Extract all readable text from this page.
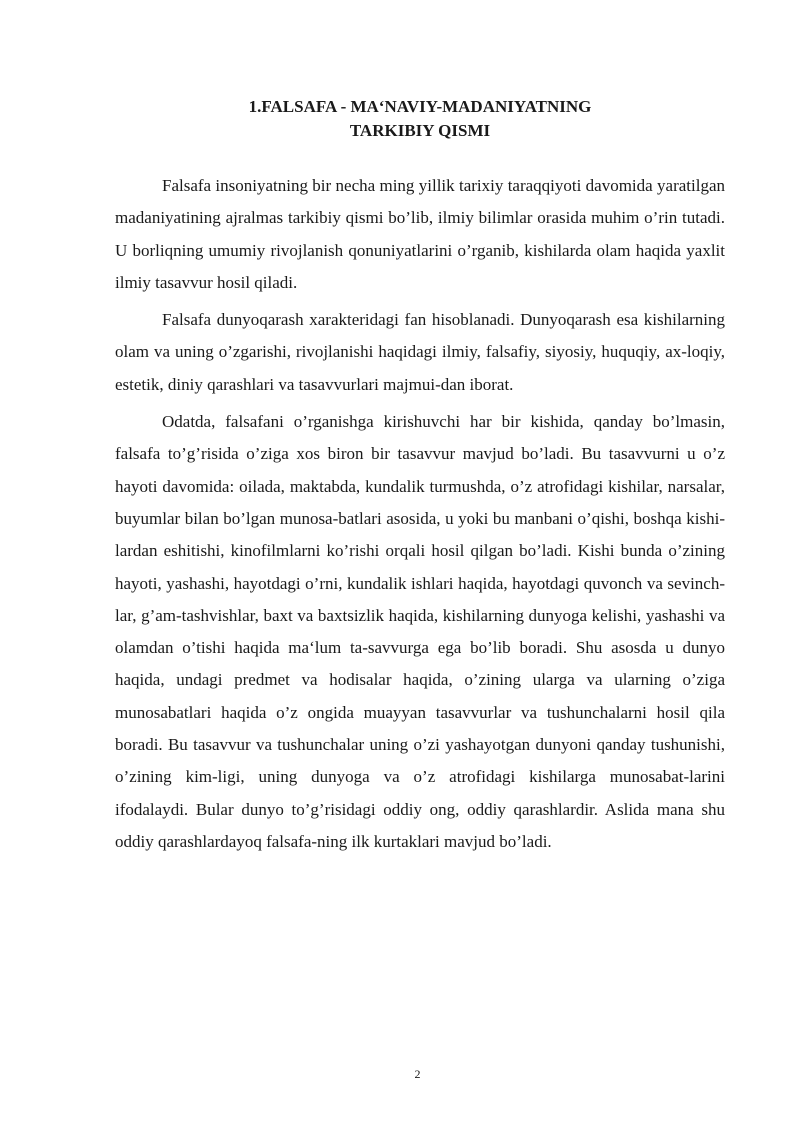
1.FALSAFA - MA‘NAVIY-MADANIYATNING
TARKIBIY QISMI

Falsafa insoniyatning bir necha ming yillik tarixiy taraqqiyoti davomida yaratilgan madaniyatining ajralmas tarkibiy qismi bo’lib, ilmiy bilimlar orasida muhim o’rin tutadi. U borliqning umumiy rivojlanish qonuniyatlarini o’rganib, kishilarda olam haqida yaxlit ilmiy tasavvur hosil qiladi.

Falsafa dunyoqarash xarakteridagi fan hisoblanadi. Dunyoqarash esa kishilarning olam va uning o’zgarishi, rivojlanishi haqidagi ilmiy, falsafiy, siyosiy, huquqiy, ax-loqiy, estetik, diniy qarashlari va tasavvurlari majmui-dan iborat.

Odatda, falsafani o’rganishga kirishuvchi har bir kishida, qanday bo’lmasin, falsafa to’g’risida o’ziga xos biron bir tasavvur mavjud bo’ladi. Bu tasavvurni u o’z hayoti davomida: oilada, maktabda, kundalik turmushda, o’z atrofidagi kishilar, narsalar, buyumlar bilan bo’lgan munosa-batlari asosida, u yoki bu manbani o’qishi, boshqa kishi-lardan eshitishi, kinofilmlarni ko’rishi orqali hosil qilgan bo’ladi. Kishi bunda o’zining hayoti, yashashi, hayotdagi o’rni, kundalik ishlari haqida, hayotdagi quvonch va sevinch-lar, g’am-tashvishlar, baxt va baxtsizlik haqida, kishilarning dunyoga kelishi, yashashi va olamdan o’tishi haqida ma‘lum ta-savvurga ega bo’lib boradi. Shu asosda u dunyo haqida, undagi predmet va hodisalar haqida, o’zining ularga va ularning o’ziga munosabatlari haqida o’z ongida muayyan tasavvurlar va tushunchalarni hosil qila boradi. Bu tasavvur va tushunchalar uning o’zi yashayotgan dunyoni qanday tushunishi, o’zining kim-ligi, uning dunyoga va o’z atrofidagi kishilarga munosabat-larini ifodalaydi. Bular dunyo to’g’risidagi oddiy ong, oddiy qarashlardir. Aslida mana shu oddiy qarashlardayoq falsafa-ning ilk kurtaklari mavjud bo’ladi.

2
